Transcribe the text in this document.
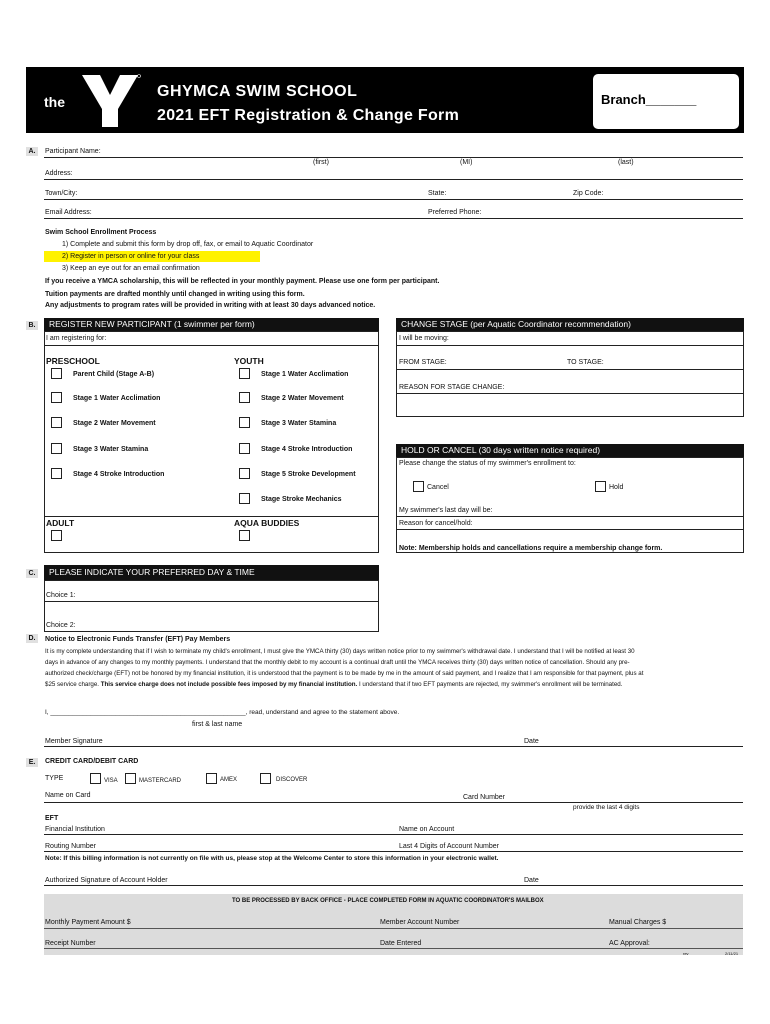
the
YMCA
GHYMCA SWIM SCHOOL
2021 EFT Registration & Change Form
Branch_______
A.	Participant Name:
(first)	(MI)	(last)
Address:
Town/City:	State:	Zip Code:
Email Address:	Preferred Phone:
Swim School Enrollment Process
1) Complete and submit this form by drop off, fax, or email to Aquatic Coordinator
2) Register in person or online for your class
3) Keep an eye out for an email confirmation
If you receive a YMCA scholarship, this will be reflected in your monthly payment. Please use one form per participant.
Tuition payments are drafted monthly until changed in writing using this form.
Any adjustments to program rates will be provided in writing with at least 30 days advanced notice.
B.	REGISTER NEW PARTICIPANT (1 swimmer per form)
I am registering for:
PRESCHOOL	YOUTH
Parent Child (Stage A-B)
Stage 1 Water Acclimation
Stage 2 Water Movement
Stage 3 Water Stamina
Stage 4 Stroke Introduction
Stage 1 Water Acclimation
Stage 2 Water Movement
Stage 3 Water Stamina
Stage 4 Stroke Introduction
Stage 5 Stroke Development
Stage Stroke Mechanics
ADULT	AQUA BUDDIES
CHANGE STAGE (per Aquatic Coordinator recommendation)
I will be moving:
FROM STAGE:	TO STAGE:
REASON FOR STAGE CHANGE:
HOLD OR CANCEL (30 days written notice required)
Please change the status of my swimmer's enrollment to:
Cancel	Hold
My swimmer's last day will be:
Reason for cancel/hold:
Note: Membership holds and cancellations require a membership change form.
C.	PLEASE INDICATE YOUR PREFERRED DAY & TIME
Choice 1:
Choice 2:
D.	Notice to Electronic Funds Transfer (EFT) Pay Members
It is my complete understanding that if I wish to terminate my child's enrollment, I must give the YMCA thirty (30) days written notice prior to my swimmer's withdrawal date. I understand that I will be notified at least 30
days in advance of any changes to my monthly payments. I understand that the monthly debit to my account is a continual draft until the YMCA receives thirty (30) days written notice of cancellation. Should any pre-
authorized check/charge (EFT) not be honored by my financial institution, it is understood that the payment is to be made by me in the amount of said payment, and I realize that I am responsible for that payment, plus at
$25 service charge. This service charge does not include possible fees imposed by my financial institution. I understand that if two EFT payments are rejected, my swimmer's enrollment will be terminated.
I, ______________________________________________________, read, understand and agree to the statement above.
first & last name
Member Signature	Date
E.	CREDIT CARD/DEBIT CARD
TYPE	VISA	MASTERCARD	AMEX	DISCOVER
Name on Card	Card Number
provide the last 4 digits
EFT
Financial Institution	Name on Account
Routing Number	Last 4 Digits of Account Number
Note: If this billing information is not currently on file with us, please stop at the Welcome Center to store this information in your electronic wallet.
Authorized Signature of Account Holder	Date
TO BE PROCESSED BY BACK OFFICE - PLACE COMPLETED FORM IN AQUATIC COORDINATOR'S MAILBOX
Monthly Payment Amount $	Member Account Number	Manual Charges $
Receipt Number	Date Entered	AC Approval:
rev	2/11/21
